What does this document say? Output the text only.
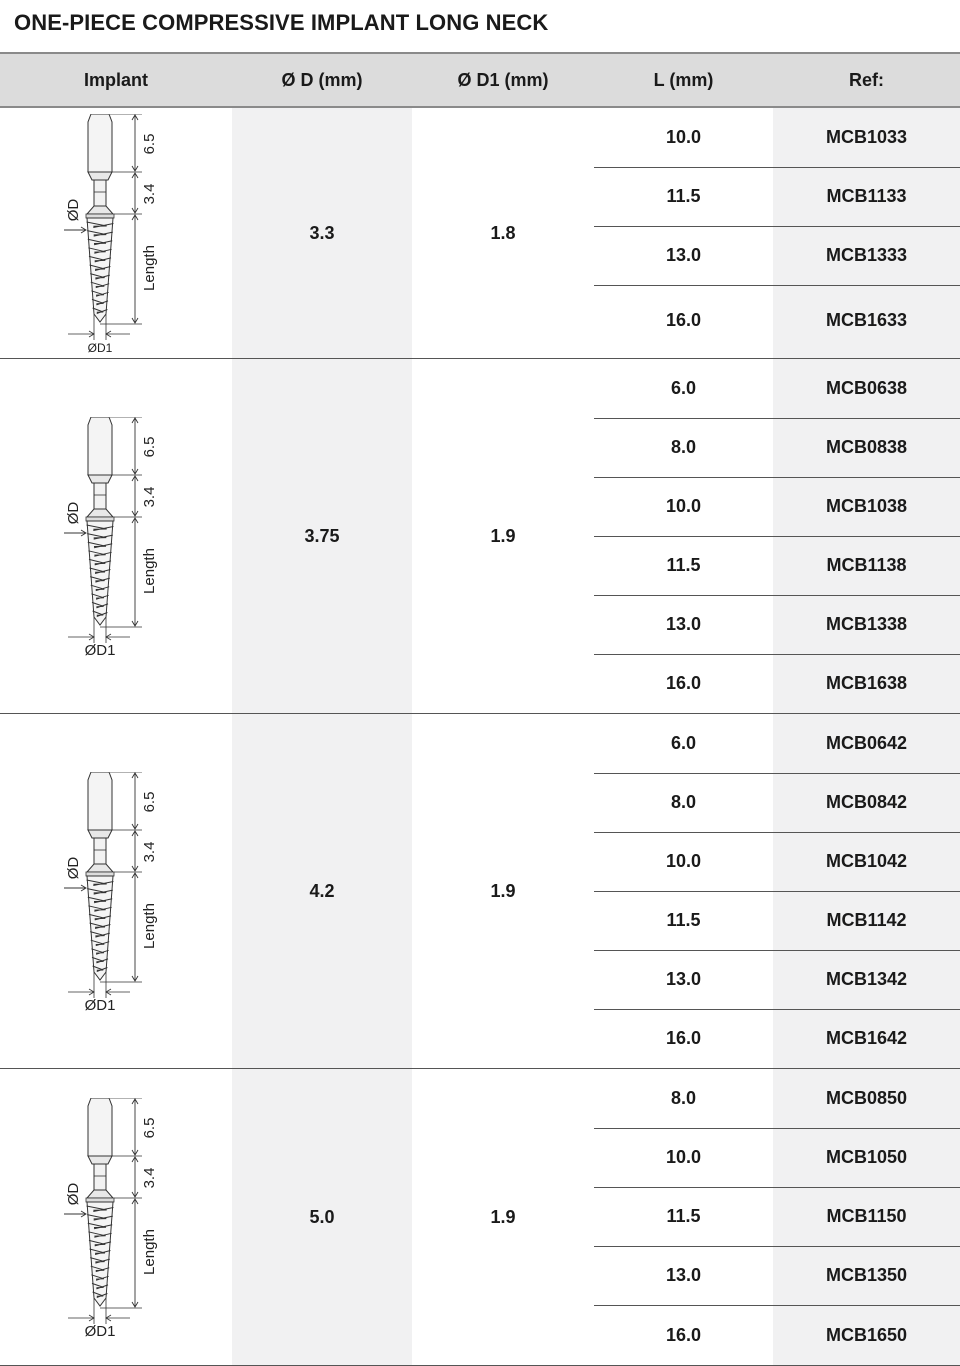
ONE-PIECE COMPRESSIVE IMPLANT LONG NECK
Implant	Ø D (mm)	Ø D1 (mm)	L (mm)	Ref:
6.5
3.4
Length
ØD
ØD1
3.3	1.8
10.0	MCB1033
11.5	MCB1133
13.0	MCB1333
16.0	MCB1633
6.5
3.4
Length
ØD
ØD1
3.75	1.9
6.0	MCB0638
8.0	MCB0838
10.0	MCB1038
11.5	MCB1138
13.0	MCB1338
16.0	MCB1638
6.5
3.4
Length
ØD
ØD1
4.2	1.9
6.0	MCB0642
8.0	MCB0842
10.0	MCB1042
11.5	MCB1142
13.0	MCB1342
16.0	MCB1642
6.5
3.4
Length
ØD
ØD1
5.0	1.9
8.0	MCB0850
10.0	MCB1050
11.5	MCB1150
13.0	MCB1350
16.0	MCB1650
